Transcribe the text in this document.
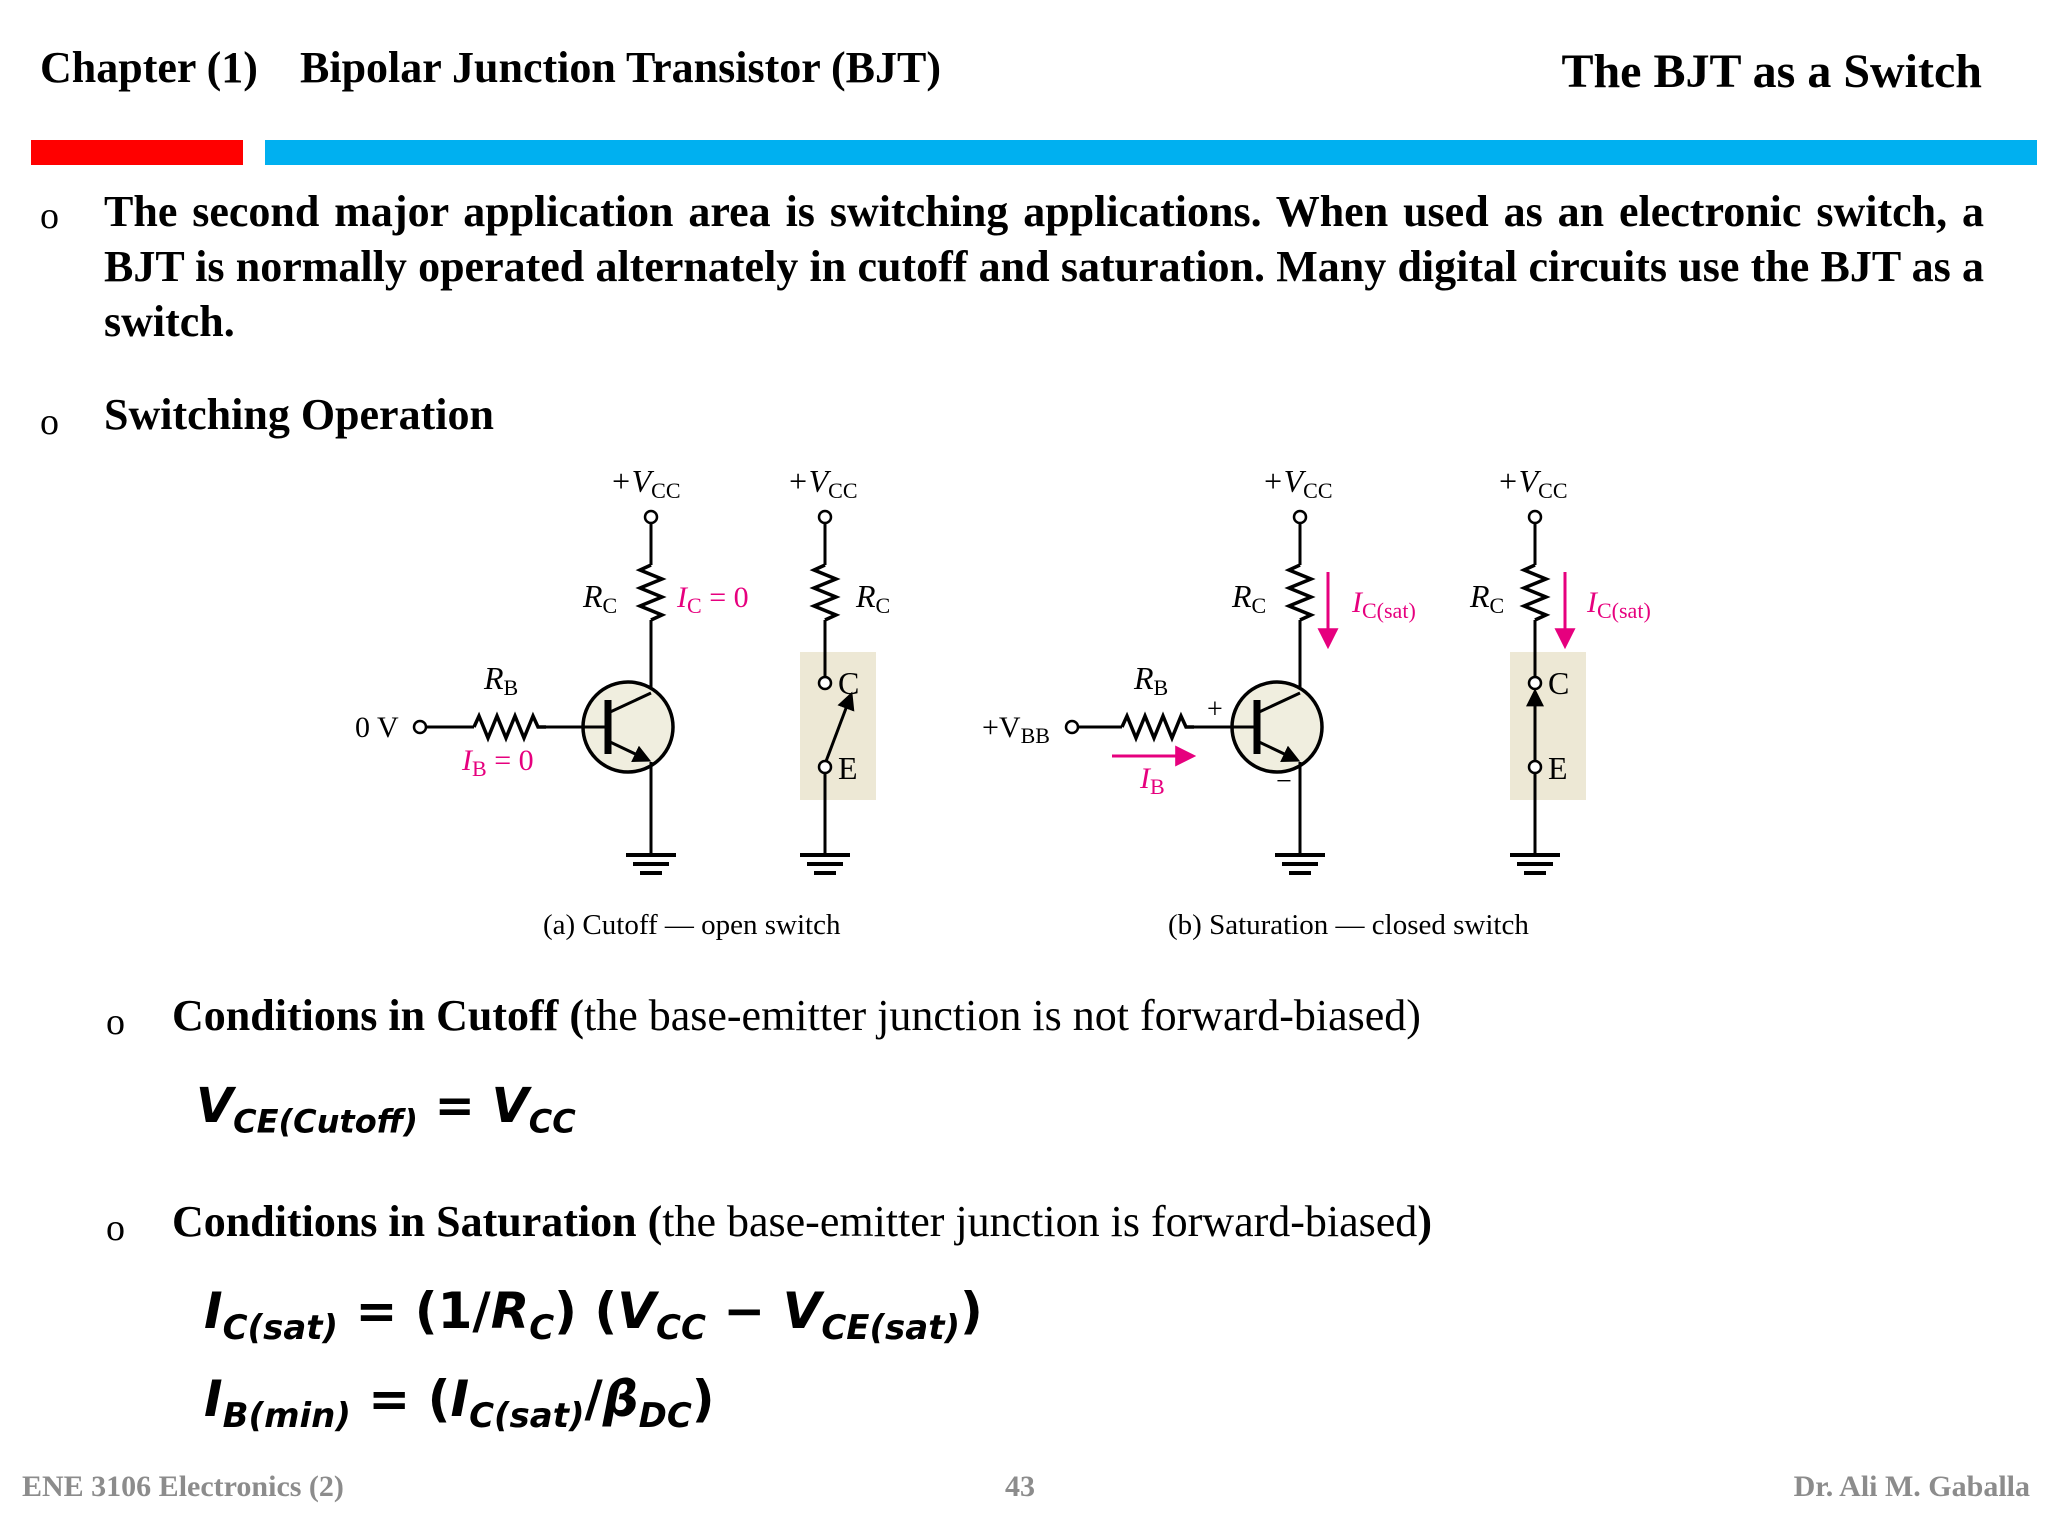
Chapter (1) Bipolar Junction Transistor (BJT)	The BJT as a Switch
o The second major application area is switching applications. When used as an electronic switch, a BJT is normally operated alternately in cutoff and saturation. Many digital circuits use the BJT as a switch.
o Switching Operation
+VCC
RC $I_C = 0$
0 V
RB
$I_B = 0$
+VCC
RC
C
E
(a) Cutoff — open switch
+VCC
RC	$I_{C(sat)}$
+
−
$+V_{BB}$
RB
$I_B$
+VCC
RC	$I_{C(sat)}$
C
E
(b) Saturation — closed switch
o Conditions in Cutoff (the base-emitter junction is not forward-biased)
$V_{CE(Cutoff)} = V_{CC}$
o Conditions in Saturation (the base-emitter junction is forward-biased)
$I_{C(sat)} = (1/R_C) (V_{CC} - V_{CE(sat)})$
$I_{B(min)} = (I_{C(sat)}/\beta_{DC})$
ENE 3106 Electronics (2)	43	Dr. Ali M. Gaballa
